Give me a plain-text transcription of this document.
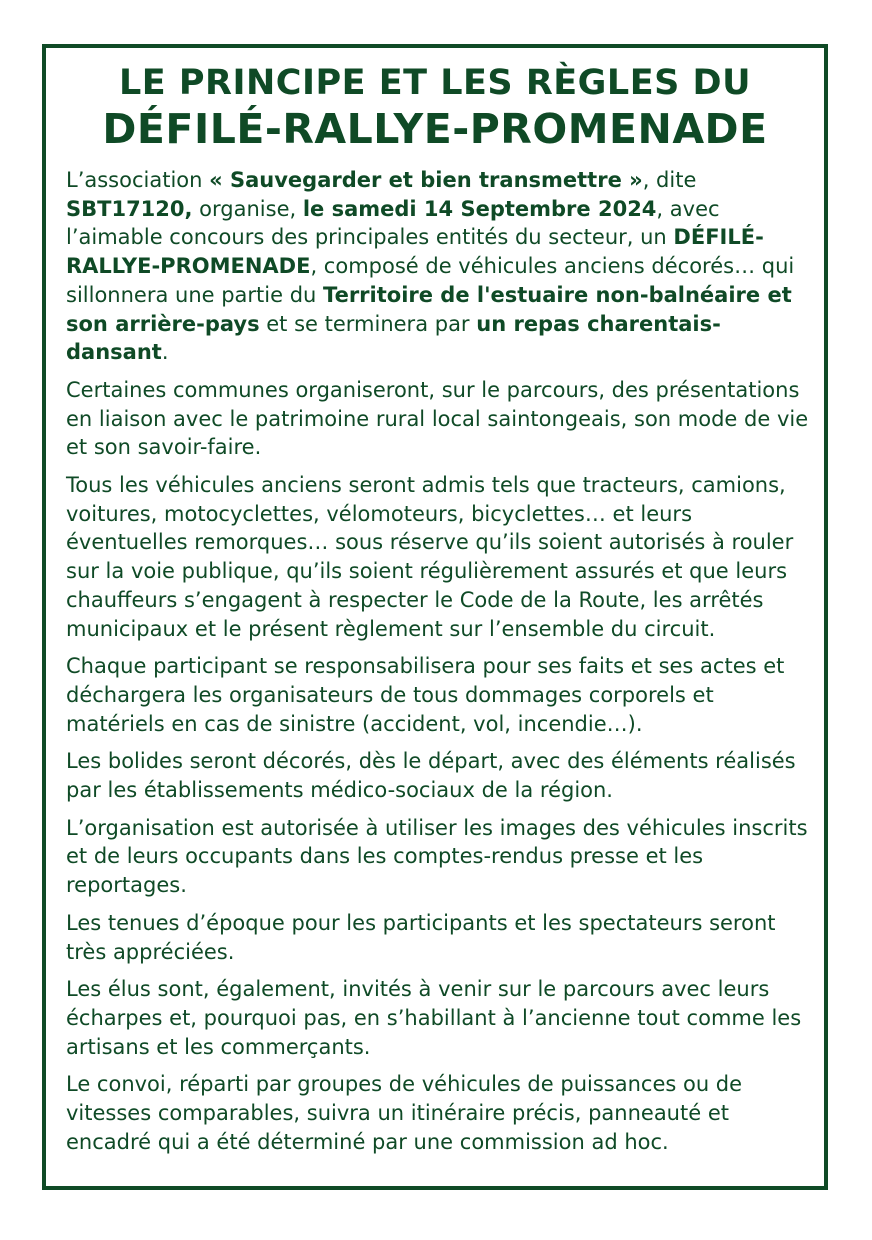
LE PRINCIPE ET LES RÈGLES DU
DÉFILÉ-RALLYE-PROMENADE

L’association « Sauvegarder et bien transmettre », dite SBT17120, organise, le samedi 14 Septembre 2024, avec l’aimable concours des principales entités du secteur, un DÉFILÉ-RALLYE-PROMENADE, composé de véhicules anciens décorés… qui sillonnera une partie du Territoire de l'estuaire non-balnéaire et son arrière-pays et se terminera par un repas charentais-dansant.

Certaines communes organiseront, sur le parcours, des présentations en liaison avec le patrimoine rural local saintongeais, son mode de vie et son savoir-faire.

Tous les véhicules anciens seront admis tels que tracteurs, camions, voitures, motocyclettes, vélomoteurs, bicyclettes… et leurs éventuelles remorques… sous réserve qu’ils soient autorisés à rouler sur la voie publique, qu’ils soient régulièrement assurés et que leurs chauffeurs s’engagent à respecter le Code de la Route, les arrêtés municipaux et le présent règlement sur l’ensemble du circuit.

Chaque participant se responsabilisera pour ses faits et ses actes et déchargera les organisateurs de tous dommages corporels et matériels en cas de sinistre (accident, vol, incendie…).

Les bolides seront décorés, dès le départ, avec des éléments réalisés par les établissements médico-sociaux de la région.

L’organisation est autorisée à utiliser les images des véhicules inscrits et de leurs occupants dans les comptes-rendus presse et les reportages.

Les tenues d’époque pour les participants et les spectateurs seront très appréciées.

Les élus sont, également, invités à venir sur le parcours avec leurs écharpes et, pourquoi pas, en s’habillant à l’ancienne tout comme les artisans et les commerçants.

Le convoi, réparti par groupes de véhicules de puissances ou de vitesses comparables, suivra un itinéraire précis, panneauté et encadré qui a été déterminé par une commission ad hoc.
